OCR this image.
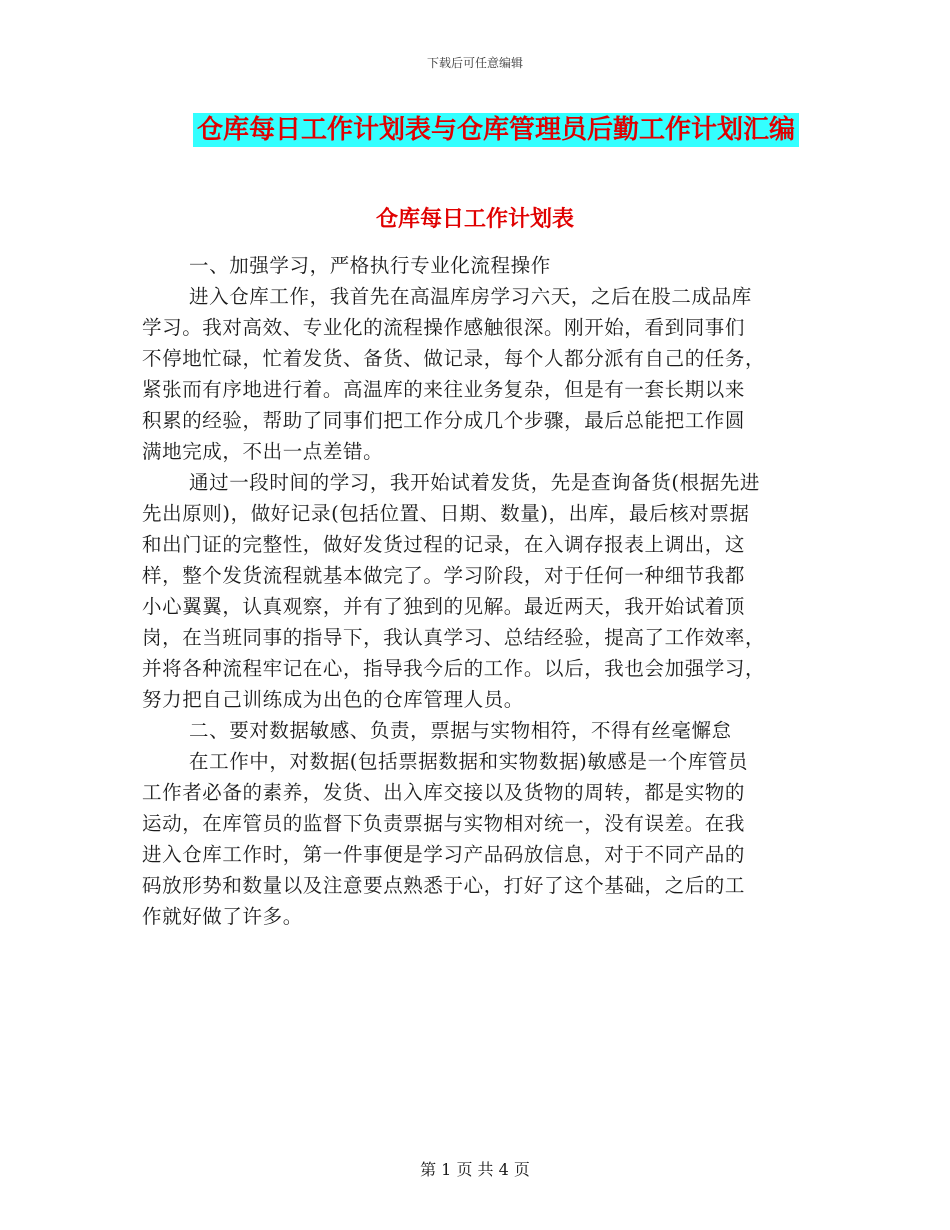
下载后可任意编辑
仓库每日工作计划表与仓库管理员后勤工作计划汇编
仓库每日工作计划表
一、加强学习，严格执行专业化流程操作
进入仓库工作，我首先在高温库房学习六天，之后在股二成品库
学习。我对高效、专业化的流程操作感触很深。刚开始，看到同事们
不停地忙碌，忙着发货、备货、做记录，每个人都分派有自己的任务，
紧张而有序地进行着。高温库的来往业务复杂，但是有一套长期以来
积累的经验，帮助了同事们把工作分成几个步骤，最后总能把工作圆
满地完成，不出一点差错。
通过一段时间的学习，我开始试着发货，先是查询备货(根据先进
先出原则)，做好记录(包括位置、日期、数量)，出库，最后核对票据
和出门证的完整性，做好发货过程的记录，在入调存报表上调出，这
样，整个发货流程就基本做完了。学习阶段，对于任何一种细节我都
小心翼翼，认真观察，并有了独到的见解。最近两天，我开始试着顶
岗，在当班同事的指导下，我认真学习、总结经验，提高了工作效率，
并将各种流程牢记在心，指导我今后的工作。以后，我也会加强学习，
努力把自己训练成为出色的仓库管理人员。
二、要对数据敏感、负责，票据与实物相符，不得有丝毫懈怠
在工作中，对数据(包括票据数据和实物数据)敏感是一个库管员
工作者必备的素养，发货、出入库交接以及货物的周转，都是实物的
运动，在库管员的监督下负责票据与实物相对统一，没有误差。在我
进入仓库工作时，第一件事便是学习产品码放信息，对于不同产品的
码放形势和数量以及注意要点熟悉于心，打好了这个基础，之后的工
作就好做了许多。
第 1 页 共 4 页
